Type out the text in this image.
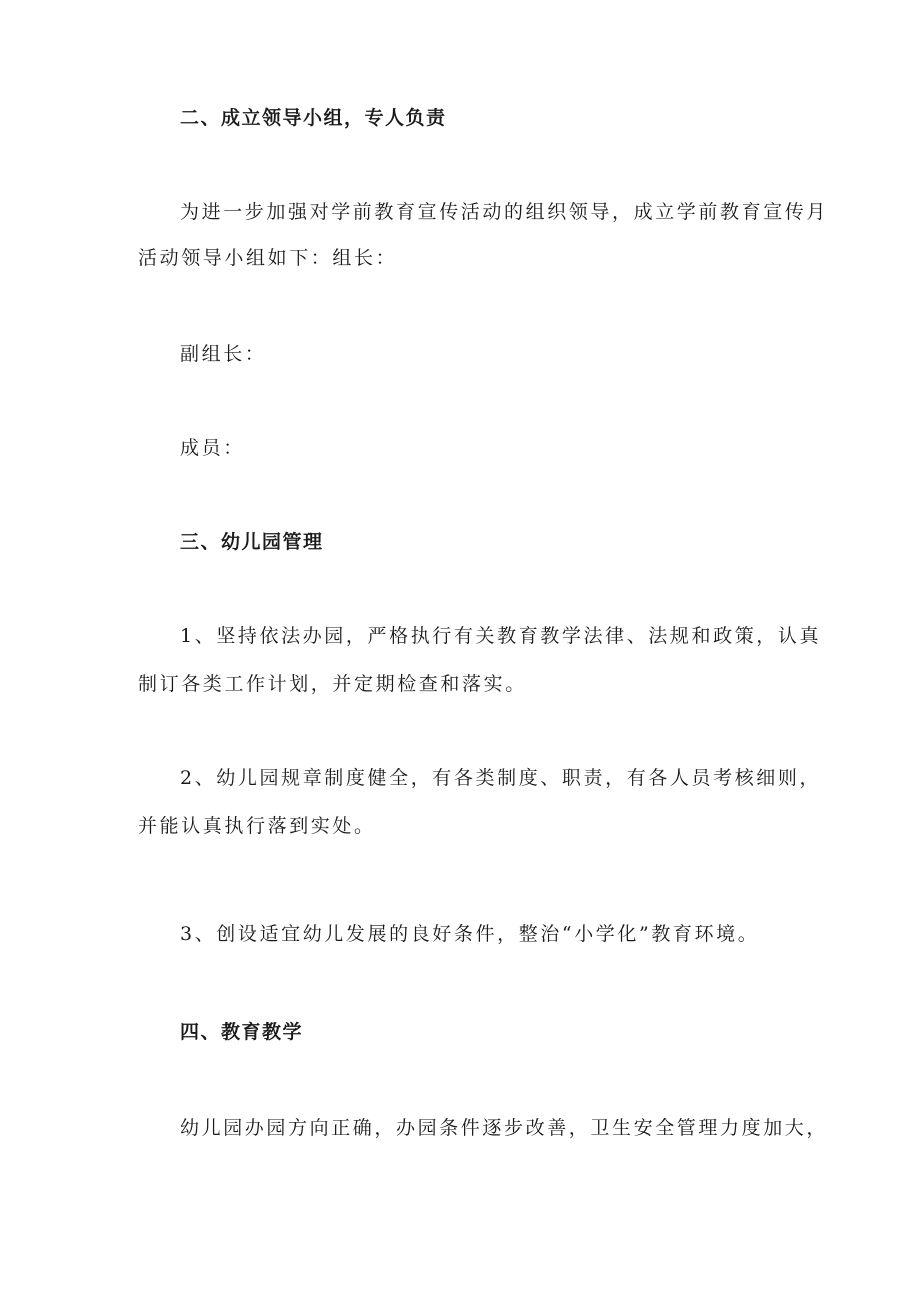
二、成立领导小组，专人负责
为进一步加强对学前教育宣传活动的组织领导，成立学前教育宣传月
活动领导小组如下：组长：
副组长：
成员：
三、幼儿园管理
1、坚持依法办园，严格执行有关教育教学法律、法规和政策，认真
制订各类工作计划，并定期检查和落实。
2、幼儿园规章制度健全，有各类制度、职责，有各人员考核细则，
并能认真执行落到实处。
3、创设适宜幼儿发展的良好条件，整治“小学化”教育环境。
四、教育教学
幼儿园办园方向正确，办园条件逐步改善，卫生安全管理力度加大，
